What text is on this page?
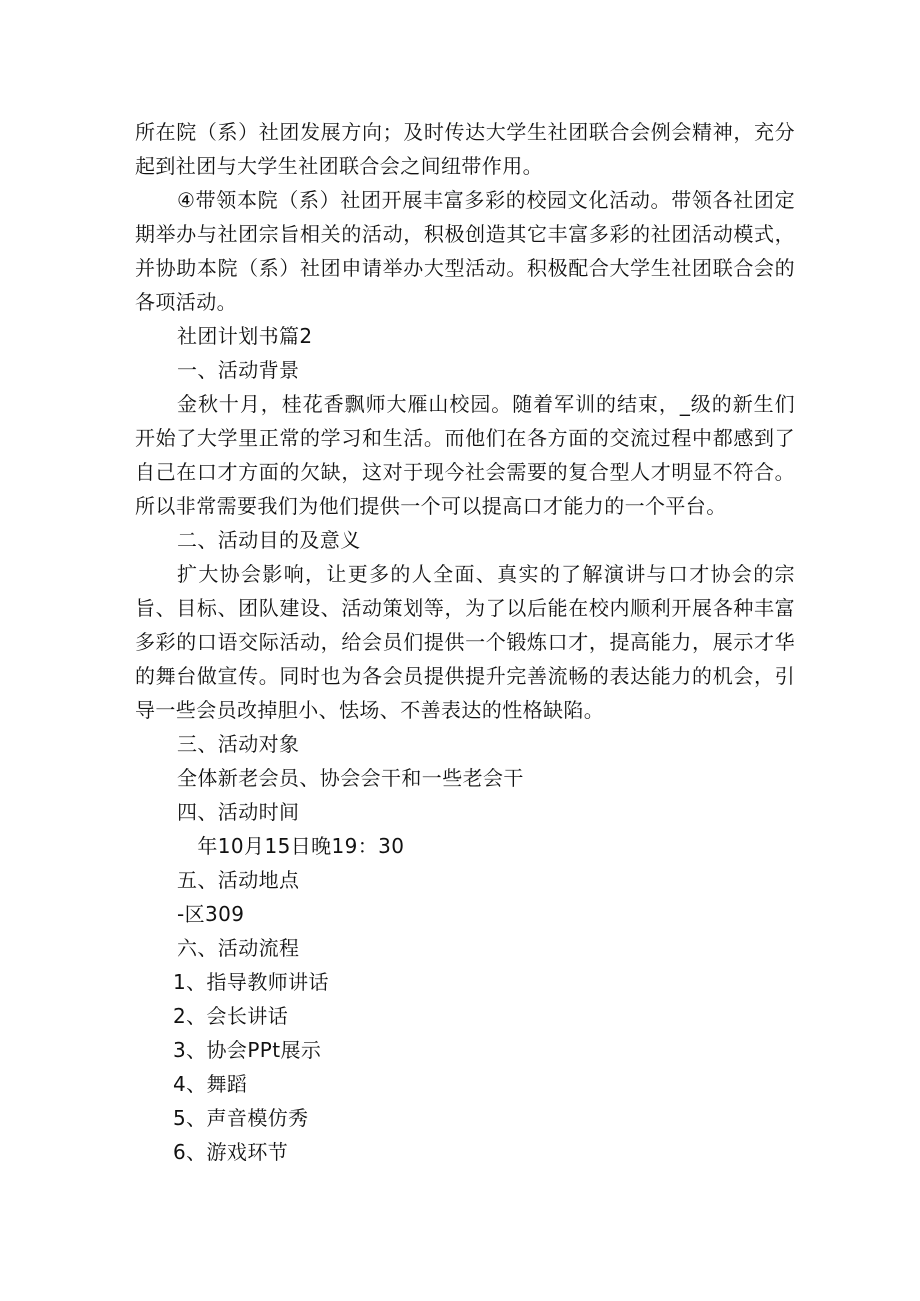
所在院（系）社团发展方向；及时传达大学生社团联合会例会精神，充分起到社团与大学生社团联合会之间纽带作用。

④带领本院（系）社团开展丰富多彩的校园文化活动。带领各社团定期举办与社团宗旨相关的活动，积极创造其它丰富多彩的社团活动模式，并协助本院（系）社团申请举办大型活动。积极配合大学生社团联合会的各项活动。

社团计划书篇2

一、活动背景

金秋十月，桂花香飘师大雁山校园。随着军训的结束，_级的新生们开始了大学里正常的学习和生活。而他们在各方面的交流过程中都感到了自己在口才方面的欠缺，这对于现今社会需要的复合型人才明显不符合。所以非常需要我们为他们提供一个可以提高口才能力的一个平台。

二、活动目的及意义

扩大协会影响，让更多的人全面、真实的了解演讲与口才协会的宗旨、目标、团队建设、活动策划等，为了以后能在校内顺利开展各种丰富多彩的口语交际活动，给会员们提供一个锻炼口才，提高能力，展示才华的舞台做宣传。同时也为各会员提供提升完善流畅的表达能力的机会，引导一些会员改掉胆小、怯场、不善表达的性格缺陷。

三、活动对象

全体新老会员、协会会干和一些老会干

四、活动时间

　年10月15日晚19：30

五、活动地点

-区309

六、活动流程

1、指导教师讲话

2、会长讲话

3、协会PPt展示

4、舞蹈

5、声音模仿秀

6、游戏环节
